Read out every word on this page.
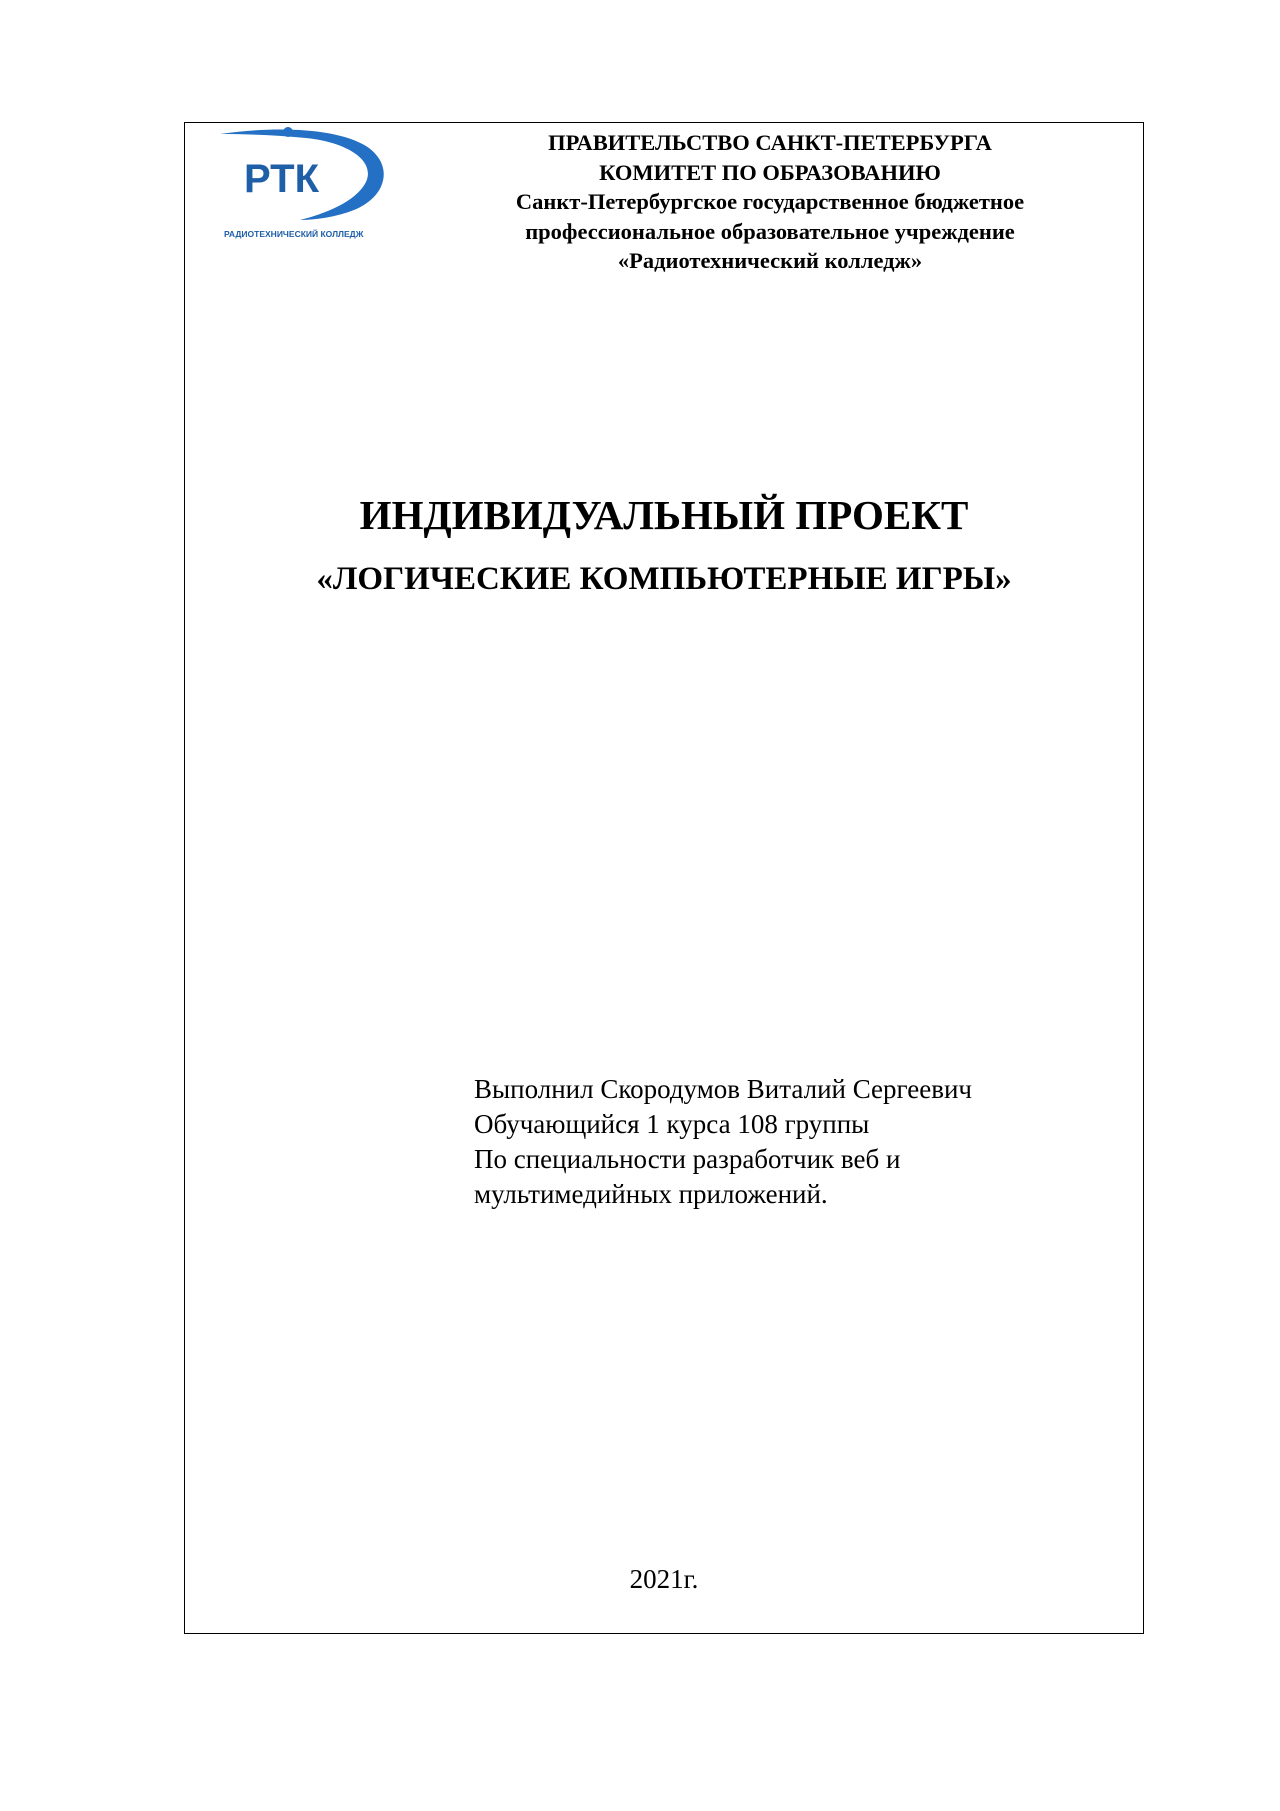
РТК
РАДИОТЕХНИЧЕСКИЙ КОЛЛЕДЖ
ПРАВИТЕЛЬСТВО САНКТ-ПЕТЕРБУРГА
КОМИТЕТ ПО ОБРАЗОВАНИЮ
Санкт-Петербургское государственное бюджетное
профессиональное образовательное учреждение
«Радиотехнический колледж»
ИНДИВИДУАЛЬНЫЙ ПРОЕКТ
«ЛОГИЧЕСКИЕ КОМПЬЮТЕРНЫЕ ИГРЫ»
Выполнил Скородумов Виталий Сергеевич
Обучающийся 1 курса 108 группы
По специальности разработчик веб и
мультимедийных приложений.
2021г.
